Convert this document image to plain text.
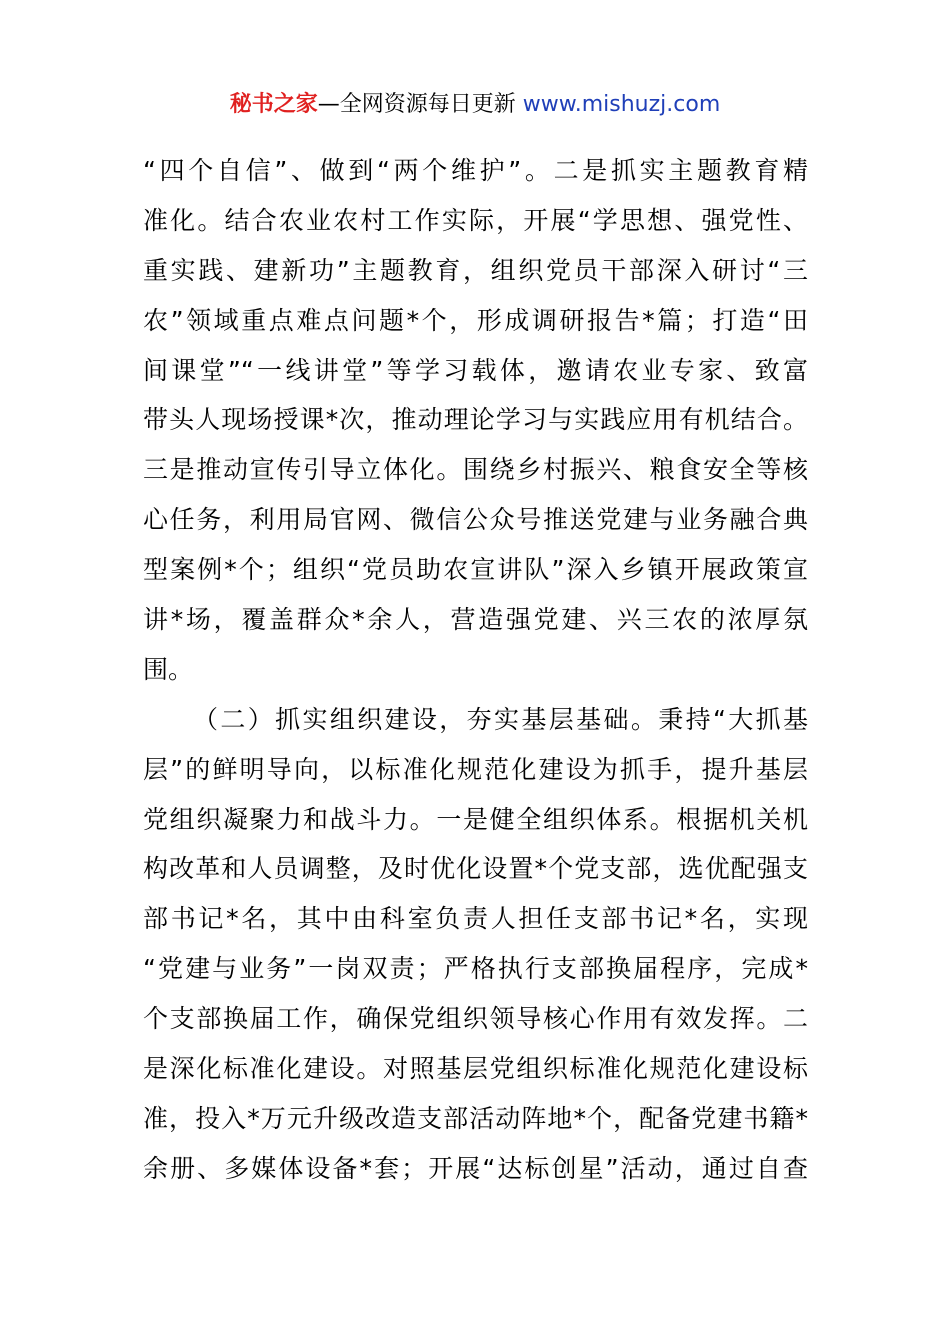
秘书之家—全网资源每日更新 www.mishuzj.com
“四个自信”、做到“两个维护”。二是抓实主题教育精
准化。结合农业农村工作实际，开展“学思想、强党性、
重实践、建新功”主题教育，组织党员干部深入研讨“三
农”领域重点难点问题*个，形成调研报告*篇；打造“田
间课堂”“一线讲堂”等学习载体，邀请农业专家、致富
带头人现场授课*次，推动理论学习与实践应用有机结合。
三是推动宣传引导立体化。围绕乡村振兴、粮食安全等核
心任务，利用局官网、微信公众号推送党建与业务融合典
型案例*个；组织“党员助农宣讲队”深入乡镇开展政策宣
讲*场，覆盖群众*余人，营造强党建、兴三农的浓厚氛
围。
（二）抓实组织建设，夯实基层基础。秉持“大抓基
层”的鲜明导向，以标准化规范化建设为抓手，提升基层
党组织凝聚力和战斗力。一是健全组织体系。根据机关机
构改革和人员调整，及时优化设置*个党支部，选优配强支
部书记*名，其中由科室负责人担任支部书记*名，实现
“党建与业务”一岗双责；严格执行支部换届程序，完成*
个支部换届工作，确保党组织领导核心作用有效发挥。二
是深化标准化建设。对照基层党组织标准化规范化建设标
准，投入*万元升级改造支部活动阵地*个，配备党建书籍*
余册、多媒体设备*套；开展“达标创星”活动，通过自查
